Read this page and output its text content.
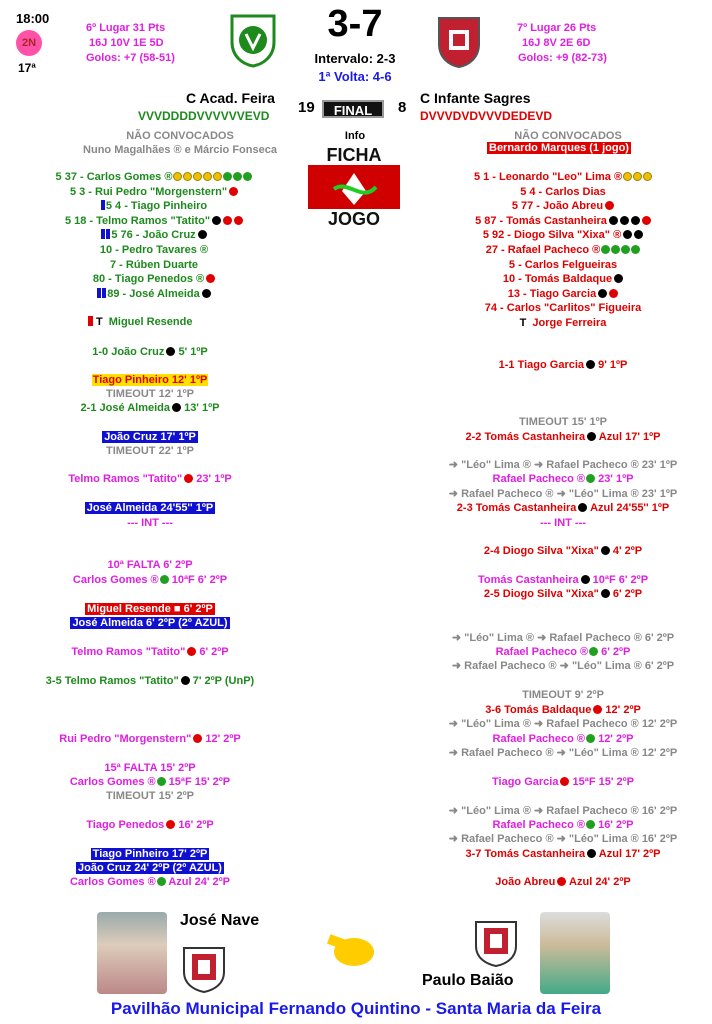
18:00
2N
17ª
6º Lugar 31 Pts
16J 10V 1E 5D
Golos: +7 (58-51)
3-7
Intervalo: 2-3
1ª Volta: 4-6
7º Lugar 26 Pts
16J 8V 2E 6D
Golos: +9 (82-73)
C Acad. Feira	C Infante Sagres
VVVDDDDVVVVVVEVD 19	FINAL	8 DVVVDVDVVVDEDEVD
NÃO CONVOCADOS
Nuno Magalhães ® e Márcio Fonseca
Info	NÃO CONVOCADOS
Bernardo Marques (1 jogo)
FICHA
JOGO
5 37 - Carlos Gomes ®
5 3 - Rui Pedro "Morgenstern"
5 4 - Tiago Pinheiro
5 18 - Telmo Ramos "Tatito"
5 76 - João Cruz
10 - Pedro Tavares ®
7 - Rúben Duarte
80 - Tiago Penedos ®
89 - José Almeida
T Miguel Resende
5 1 - Leonardo "Leo" Lima ®
5 4 - Carlos Dias
5 77 - João Abreu
5 87 - Tomás Castanheira
5 92 - Diogo Silva "Xixa" ®
27 - Rafael Pacheco ®
5 - Carlos Felgueiras
10 - Tomás Baldaque
13 - Tiago Garcia
74 - Carlos "Carlitos" Figueira
T Jorge Ferreira
1-0 João Cruz 5' 1ºP
Tiago Pinheiro 12' 1ºP
TIMEOUT 12' 1ºP
2-1 José Almeida 13' 1ºP
João Cruz 17' 1ºP
TIMEOUT 22' 1ºP
Telmo Ramos "Tatito" 23' 1ºP
José Almeida 24'55'' 1ºP
--- INT ---
10ª FALTA 6' 2ºP
Carlos Gomes ® 10ªF 6' 2ºP
Miguel Resende ■ 6' 2ºP
José Almeida 6' 2ºP (2º AZUL)
Telmo Ramos "Tatito" 6' 2ºP
3-5 Telmo Ramos "Tatito" 7' 2ºP (UnP)
Rui Pedro "Morgenstern" 12' 2ºP
15ª FALTA 15' 2ºP
Carlos Gomes ® 15ªF 15' 2ºP
TIMEOUT 15' 2ºP
Tiago Penedos 16' 2ºP
Tiago Pinheiro 17' 2ºP
João Cruz 24' 2ºP (2º AZUL)
Carlos Gomes ® Azul 24' 2ºP
1-1 Tiago Garcia 9' 1ºP
TIMEOUT 15' 1ºP
2-2 Tomás Castanheira Azul 17' 1ºP
➜ "Léo" Lima ® ➜ Rafael Pacheco ® 23' 1ºP
Rafael Pacheco ® 23' 1ºP
➜ Rafael Pacheco ® ➜ "Léo" Lima ® 23' 1ºP
2-3 Tomás Castanheira Azul 24'55'' 1ºP
--- INT ---
2-4 Diogo Silva "Xixa" 4' 2ºP
Tomás Castanheira 10ªF 6' 2ºP
2-5 Diogo Silva "Xixa" 6' 2ºP
➜ "Léo" Lima ® ➜ Rafael Pacheco ® 6' 2ºP
Rafael Pacheco ® 6' 2ºP
➜ Rafael Pacheco ® ➜ "Léo" Lima ® 6' 2ºP
TIMEOUT 9' 2ºP
3-6 Tomás Baldaque 12' 2ºP
➜ "Léo" Lima ® ➜ Rafael Pacheco ® 12' 2ºP
Rafael Pacheco ® 12' 2ºP
➜ Rafael Pacheco ® ➜ "Léo" Lima ® 12' 2ºP
Tiago Garcia 15ªF 15' 2ºP
➜ "Léo" Lima ® ➜ Rafael Pacheco ® 16' 2ºP
Rafael Pacheco ® 16' 2ºP
➜ Rafael Pacheco ® ➜ "Léo" Lima ® 16' 2ºP
3-7 Tomás Castanheira Azul 17' 2ºP
João Abreu Azul 24' 2ºP
José Nave
Paulo Baião
Pavilhão Municipal Fernando Quintino - Santa Maria da Feira
